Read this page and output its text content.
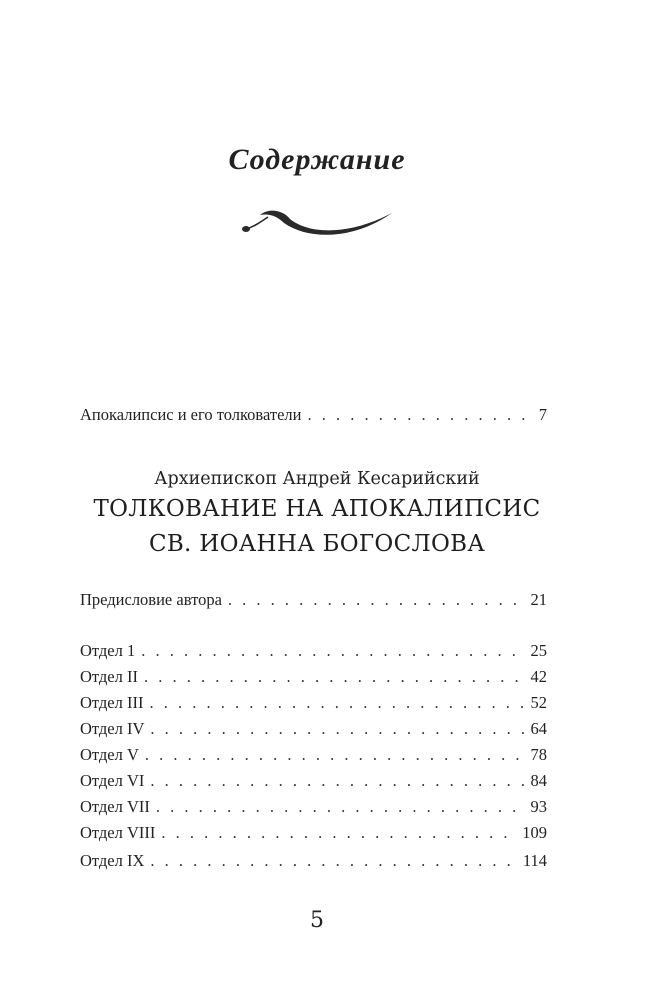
Содержание
Апокалипсис и его толкователи . . .	7
Архиепископ Андрей Кесарийский
ТОЛКОВАНИЕ НА АПОКАЛИПСИС
СВ. ИОАННА БОГОСЛОВА
Предисловие автора . . .	21
Отдел 1 . . .	25
Отдел II . . .	42
Отдел III . . .	52
Отдел IV . . .	64
Отдел V . . .	78
Отдел VI . . .	84
Отдел VII . . .	93
Отдел VIII . . .	109
Отдел IX . . .	114
5
